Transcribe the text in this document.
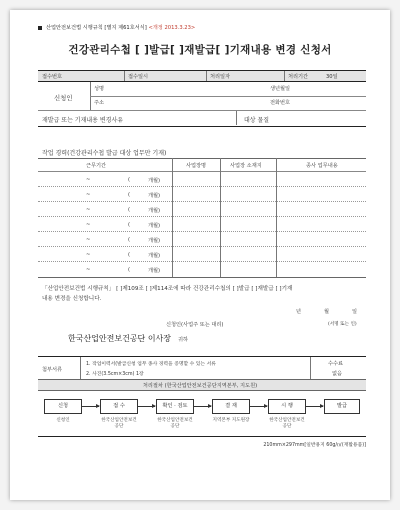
산업안전보건법 시행규칙 [별지 제61호서식] <개정 2013.3.23>
건강관리수첩 [ ]발급[ ]재발급[ ]기재내용 변경 신청서
접수번호	접수일시	처리일자	처리기간	30일
신청인
성명	생년월일
주소	전화번호
재발급 또는 기재내용 변경사유	대상 물질
작업 경력(건강관리수첩 발급 대상 업무만 기재)
근무기간	사업장명	사업장 소재지	종사 업무내용
~	(	개월)
~	(	개월)
~	(	개월)
~	(	개월)
~	(	개월)
~	(	개월)
~	(	개월)
「산업안전보건법 시행규칙」 [ ]제109조 [ ]제114조에 따라 건강관리수첩의 [ ]발급 [ ]재발급 [ ]기재
내용 변경을 신청합니다.
년	월	일
신청인(사업주 또는 대리)	(서명 또는 인)
한국산업안전보건공단 이사장 귀하
첨부서류
1. 작업이력서(발급신청 업무 종사 경력을 증명할 수 있는 서류
2. 사진(3.5cm×3cm) 1장
수수료
없음
처리절차 (한국산업안전보건공단지역본부, 지도원)
신청	접 수	확인 · 검토	결 재	시 행	발급
신청인	한국산업안전보건공단
한국산업안전보건공단
지역본부 지도원장	한국산업안전보건공단
210mm×297mm[일반용지 60g/㎡(재활용품)]
